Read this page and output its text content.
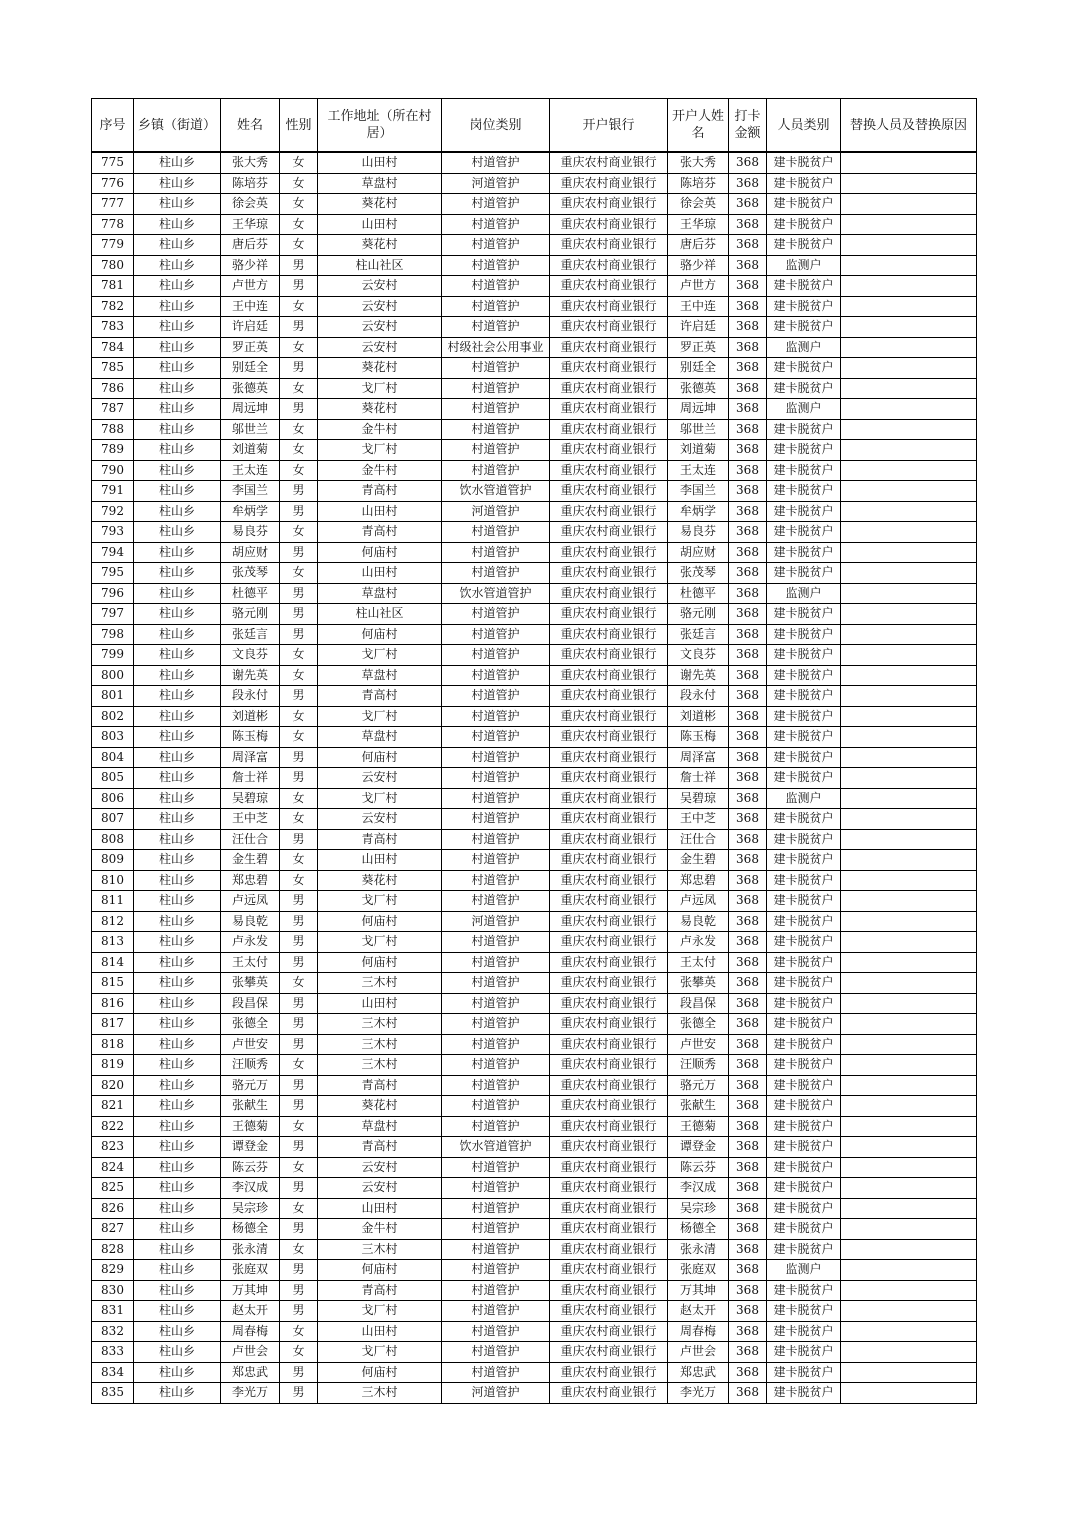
序号	乡镇（街道）	姓名	性别	工作地址（所在村居）	岗位类别	开户银行	开户人姓名	打卡金额	人员类别	替换人员及替换原因
775	柱山乡	张大秀	女	山田村	村道管护	重庆农村商业银行	张大秀	368	建卡脱贫户	
776	柱山乡	陈培芬	女	草盘村	河道管护	重庆农村商业银行	陈培芬	368	建卡脱贫户	
777	柱山乡	徐会英	女	葵花村	村道管护	重庆农村商业银行	徐会英	368	建卡脱贫户	
778	柱山乡	王华琼	女	山田村	村道管护	重庆农村商业银行	王华琼	368	建卡脱贫户	
779	柱山乡	唐后芬	女	葵花村	村道管护	重庆农村商业银行	唐后芬	368	建卡脱贫户	
780	柱山乡	骆少祥	男	柱山社区	村道管护	重庆农村商业银行	骆少祥	368	监测户	
781	柱山乡	卢世方	男	云安村	村道管护	重庆农村商业银行	卢世方	368	建卡脱贫户	
782	柱山乡	王中连	女	云安村	村道管护	重庆农村商业银行	王中连	368	建卡脱贫户	
783	柱山乡	许启廷	男	云安村	村道管护	重庆农村商业银行	许启廷	368	建卡脱贫户	
784	柱山乡	罗正英	女	云安村	村级社会公用事业	重庆农村商业银行	罗正英	368	监测户	
785	柱山乡	别廷全	男	葵花村	村道管护	重庆农村商业银行	别廷全	368	建卡脱贫户	
786	柱山乡	张德英	女	戈厂村	村道管护	重庆农村商业银行	张德英	368	建卡脱贫户	
787	柱山乡	周远坤	男	葵花村	村道管护	重庆农村商业银行	周远坤	368	监测户	
788	柱山乡	邬世兰	女	金牛村	村道管护	重庆农村商业银行	邬世兰	368	建卡脱贫户	
789	柱山乡	刘道菊	女	戈厂村	村道管护	重庆农村商业银行	刘道菊	368	建卡脱贫户	
790	柱山乡	王太连	女	金牛村	村道管护	重庆农村商业银行	王太连	368	建卡脱贫户	
791	柱山乡	李国兰	男	青高村	饮水管道管护	重庆农村商业银行	李国兰	368	建卡脱贫户	
792	柱山乡	牟炳学	男	山田村	河道管护	重庆农村商业银行	牟炳学	368	建卡脱贫户	
793	柱山乡	易良芬	女	青高村	村道管护	重庆农村商业银行	易良芬	368	建卡脱贫户	
794	柱山乡	胡应财	男	何庙村	村道管护	重庆农村商业银行	胡应财	368	建卡脱贫户	
795	柱山乡	张茂琴	女	山田村	村道管护	重庆农村商业银行	张茂琴	368	建卡脱贫户	
796	柱山乡	杜德平	男	草盘村	饮水管道管护	重庆农村商业银行	杜德平	368	监测户	
797	柱山乡	骆元刚	男	柱山社区	村道管护	重庆农村商业银行	骆元刚	368	建卡脱贫户	
798	柱山乡	张廷言	男	何庙村	村道管护	重庆农村商业银行	张廷言	368	建卡脱贫户	
799	柱山乡	文良芬	女	戈厂村	村道管护	重庆农村商业银行	文良芬	368	建卡脱贫户	
800	柱山乡	谢先英	女	草盘村	村道管护	重庆农村商业银行	谢先英	368	建卡脱贫户	
801	柱山乡	段永付	男	青高村	村道管护	重庆农村商业银行	段永付	368	建卡脱贫户	
802	柱山乡	刘道彬	女	戈厂村	村道管护	重庆农村商业银行	刘道彬	368	建卡脱贫户	
803	柱山乡	陈玉梅	女	草盘村	村道管护	重庆农村商业银行	陈玉梅	368	建卡脱贫户	
804	柱山乡	周泽富	男	何庙村	村道管护	重庆农村商业银行	周泽富	368	建卡脱贫户	
805	柱山乡	詹士祥	男	云安村	村道管护	重庆农村商业银行	詹士祥	368	建卡脱贫户	
806	柱山乡	吴碧琼	女	戈厂村	村道管护	重庆农村商业银行	吴碧琼	368	监测户	
807	柱山乡	王中芝	女	云安村	村道管护	重庆农村商业银行	王中芝	368	建卡脱贫户	
808	柱山乡	汪仕合	男	青高村	村道管护	重庆农村商业银行	汪仕合	368	建卡脱贫户	
809	柱山乡	金生碧	女	山田村	村道管护	重庆农村商业银行	金生碧	368	建卡脱贫户	
810	柱山乡	郑忠碧	女	葵花村	村道管护	重庆农村商业银行	郑忠碧	368	建卡脱贫户	
811	柱山乡	卢远凤	男	戈厂村	村道管护	重庆农村商业银行	卢远凤	368	建卡脱贫户	
812	柱山乡	易良乾	男	何庙村	河道管护	重庆农村商业银行	易良乾	368	建卡脱贫户	
813	柱山乡	卢永发	男	戈厂村	村道管护	重庆农村商业银行	卢永发	368	建卡脱贫户	
814	柱山乡	王太付	男	何庙村	村道管护	重庆农村商业银行	王太付	368	建卡脱贫户	
815	柱山乡	张攀英	女	三木村	村道管护	重庆农村商业银行	张攀英	368	建卡脱贫户	
816	柱山乡	段昌保	男	山田村	村道管护	重庆农村商业银行	段昌保	368	建卡脱贫户	
817	柱山乡	张德全	男	三木村	村道管护	重庆农村商业银行	张德全	368	建卡脱贫户	
818	柱山乡	卢世安	男	三木村	村道管护	重庆农村商业银行	卢世安	368	建卡脱贫户	
819	柱山乡	汪顺秀	女	三木村	村道管护	重庆农村商业银行	汪顺秀	368	建卡脱贫户	
820	柱山乡	骆元万	男	青高村	村道管护	重庆农村商业银行	骆元万	368	建卡脱贫户	
821	柱山乡	张献生	男	葵花村	村道管护	重庆农村商业银行	张献生	368	建卡脱贫户	
822	柱山乡	王德菊	女	草盘村	村道管护	重庆农村商业银行	王德菊	368	建卡脱贫户	
823	柱山乡	谭登金	男	青高村	饮水管道管护	重庆农村商业银行	谭登金	368	建卡脱贫户	
824	柱山乡	陈云芬	女	云安村	村道管护	重庆农村商业银行	陈云芬	368	建卡脱贫户	
825	柱山乡	李汉成	男	云安村	村道管护	重庆农村商业银行	李汉成	368	建卡脱贫户	
826	柱山乡	吴宗珍	女	山田村	村道管护	重庆农村商业银行	吴宗珍	368	建卡脱贫户	
827	柱山乡	杨德全	男	金牛村	村道管护	重庆农村商业银行	杨德全	368	建卡脱贫户	
828	柱山乡	张永清	女	三木村	村道管护	重庆农村商业银行	张永清	368	建卡脱贫户	
829	柱山乡	张庭双	男	何庙村	村道管护	重庆农村商业银行	张庭双	368	监测户	
830	柱山乡	万其坤	男	青高村	村道管护	重庆农村商业银行	万其坤	368	建卡脱贫户	
831	柱山乡	赵太开	男	戈厂村	村道管护	重庆农村商业银行	赵太开	368	建卡脱贫户	
832	柱山乡	周春梅	女	山田村	村道管护	重庆农村商业银行	周春梅	368	建卡脱贫户	
833	柱山乡	卢世会	女	戈厂村	村道管护	重庆农村商业银行	卢世会	368	建卡脱贫户	
834	柱山乡	郑忠武	男	何庙村	村道管护	重庆农村商业银行	郑忠武	368	建卡脱贫户	
835	柱山乡	李光万	男	三木村	河道管护	重庆农村商业银行	李光万	368	建卡脱贫户	
